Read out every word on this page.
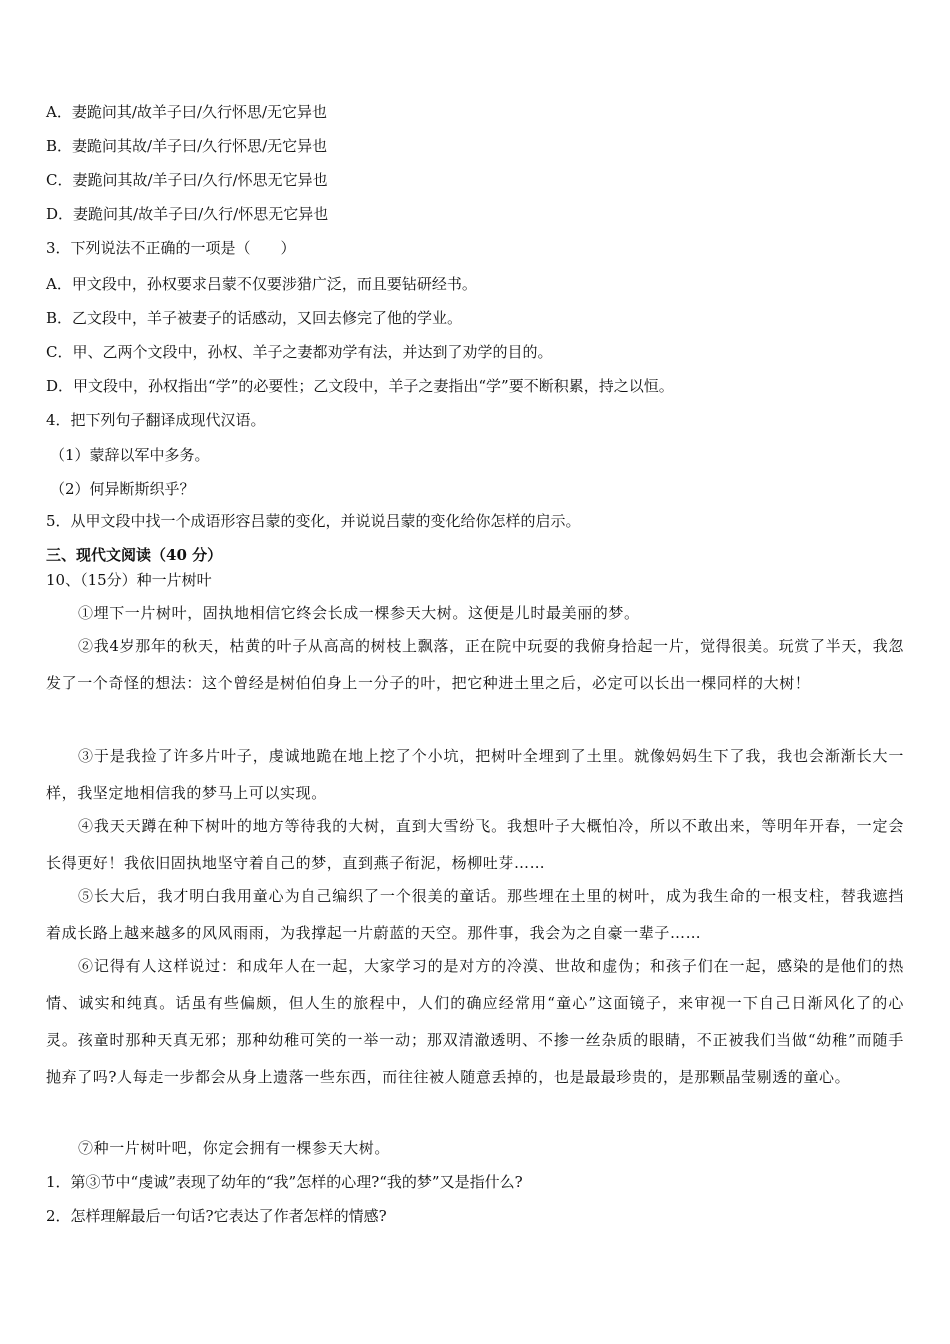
A．妻跪问其/故羊子曰/久行怀思/无它异也
B．妻跪问其故/羊子曰/久行怀思/无它异也
C．妻跪问其故/羊子曰/久行/怀思无它异也
D．妻跪问其/故羊子曰/久行/怀思无它异也
3．下列说法不正确的一项是（　　）
A．甲文段中，孙权要求吕蒙不仅要涉猎广泛，而且要钻研经书。
B．乙文段中，羊子被妻子的话感动，又回去修完了他的学业。
C．甲、乙两个文段中，孙权、羊子之妻都劝学有法，并达到了劝学的目的。
D．甲文段中，孙权指出“学”的必要性；乙文段中，羊子之妻指出“学”要不断积累，持之以恒。
4．把下列句子翻译成现代汉语。
（1）蒙辞以军中多务。
（2）何异断斯织乎？
5．从甲文段中找一个成语形容吕蒙的变化，并说说吕蒙的变化给你怎样的启示。
三、现代文阅读（40 分）
10、（15分）种一片树叶
①埋下一片树叶，固执地相信它终会长成一棵参天大树。这便是儿时最美丽的梦。
②我4岁那年的秋天，枯黄的叶子从高高的树枝上飘落，正在院中玩耍的我俯身拾起一片，觉得很美。玩赏了半天，我忽发了一个奇怪的想法：这个曾经是树伯伯身上一分子的叶，把它种进土里之后，必定可以长出一棵同样的大树！
③于是我捡了许多片叶子，虔诚地跪在地上挖了个小坑，把树叶全埋到了土里。就像妈妈生下了我，我也会渐渐长大一样，我坚定地相信我的梦马上可以实现。
④我天天蹲在种下树叶的地方等待我的大树，直到大雪纷飞。我想叶子大概怕冷，所以不敢出来，等明年开春，一定会长得更好！我依旧固执地坚守着自己的梦，直到燕子衔泥，杨柳吐芽……
⑤长大后，我才明白我用童心为自己编织了一个很美的童话。那些埋在土里的树叶，成为我生命的一根支柱，替我遮挡着成长路上越来越多的风风雨雨，为我撑起一片蔚蓝的天空。那件事，我会为之自豪一辈子……
⑥记得有人这样说过：和成年人在一起，大家学习的是对方的冷漠、世故和虚伪；和孩子们在一起，感染的是他们的热情、诚实和纯真。话虽有些偏颇，但人生的旅程中，人们的确应经常用“童心”这面镜子，来审视一下自己日渐风化了的心灵。孩童时那种天真无邪；那种幼稚可笑的一举一动；那双清澈透明、不掺一丝杂质的眼睛，不正被我们当做“幼稚”而随手抛弃了吗?人每走一步都会从身上遗落一些东西，而往往被人随意丢掉的，也是最最珍贵的，是那颗晶莹剔透的童心。
⑦种一片树叶吧，你定会拥有一棵参天大树。
1．第③节中“虔诚”表现了幼年的“我”怎样的心理?“我的梦”又是指什么?
2．怎样理解最后一句话?它表达了作者怎样的情感?
